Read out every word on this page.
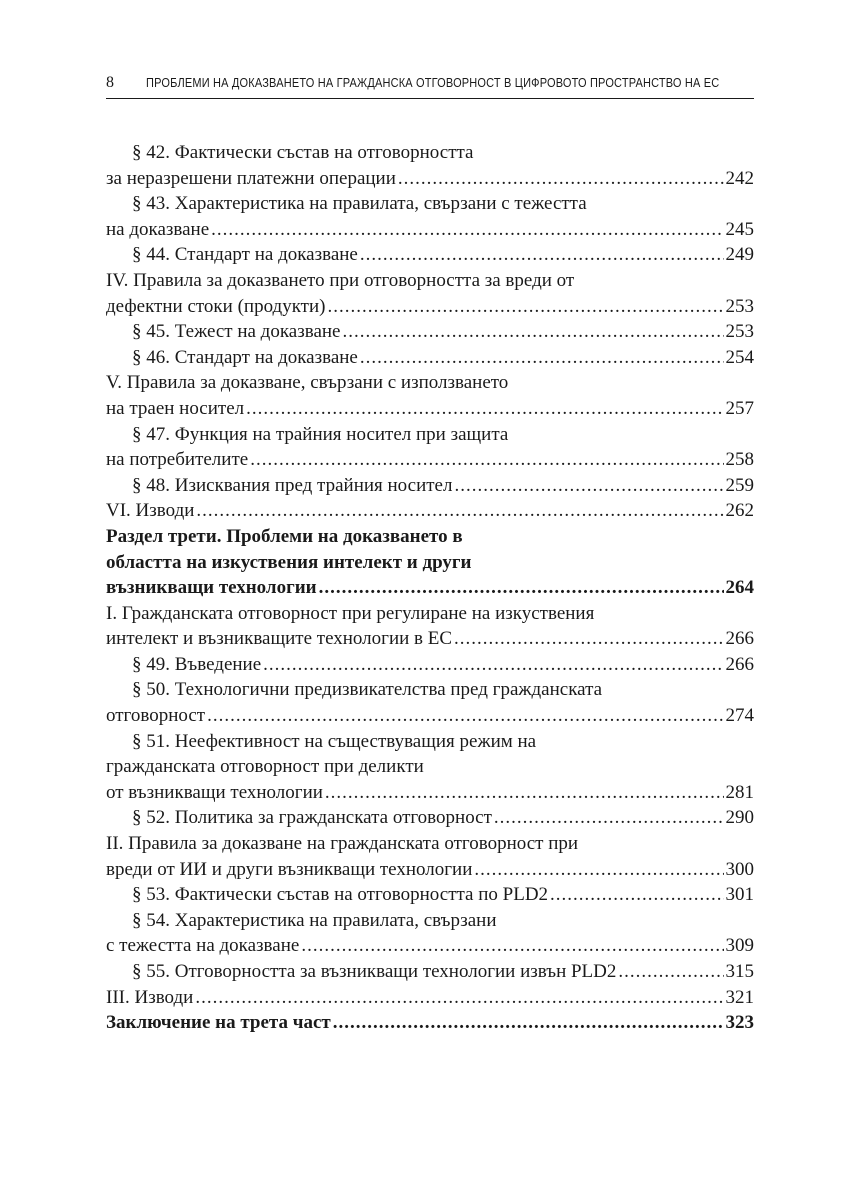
8	ПРОБЛЕМИ НА ДОКАЗВАНЕТО НА ГРАЖДАНСКА ОТГОВОРНОСТ В ЦИФРОВОТО ПРОСТРАНСТВО НА ЕС
§ 42. Фактически състав на отговорността
за неразрешени платежни операции .....	242
§ 43. Характеристика на правилата, свързани с тежестта
на доказване .....	245
§ 44. Стандарт на доказване .....	249
IV. Правила за доказването при отговорността за вреди от
дефектни стоки (продукти) .....	253
§ 45. Тежест на доказване .....	253
§ 46. Стандарт на доказване .....	254
V. Правила за доказване, свързани с използването
на траен носител .....	257
§ 47. Функция на трайния носител при защита
на потребителите .....	258
§ 48. Изисквания пред трайния носител .....	259
VI. Изводи .....	262
Раздел трети. Проблеми на доказването в
областта на изкуствения интелект и други
възникващи технологии .....	264
I. Гражданската отговорност при регулиране на изкуствения
интелект и възникващите технологии в ЕС .....	266
§ 49. Въведение .....	266
§ 50. Технологични предизвикателства пред гражданската
отговорност .....	274
§ 51. Неефективност на съществуващия режим на
гражданската отговорност при деликти
от възникващи технологии .....	281
§ 52. Политика за гражданската отговорност .....	290
II. Правила за доказване на гражданската отговорност при
вреди от ИИ и други възникващи технологии .....	300
§ 53. Фактически състав на отговорността по PLD2 .....	301
§ 54. Характеристика на правилата, свързани
с тежестта на доказване .....	309
§ 55. Отговорността за възникващи технологии извън PLD2 .....	315
III. Изводи .....	321
Заключение на трета част .....	323
